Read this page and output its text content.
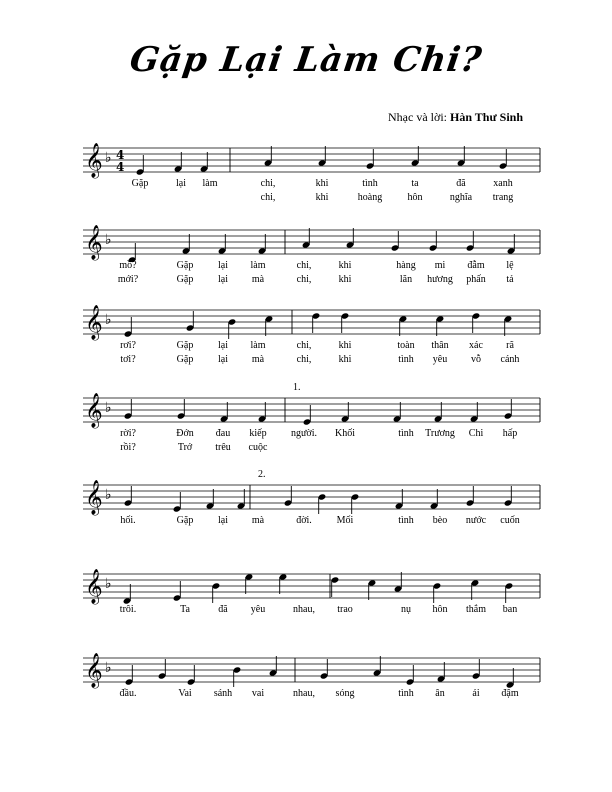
Gặp Lại Làm Chi?
Nhạc và lời: Hàn Thư Sinh
𝄞 ♭ 4
4
Gặp	lại làm	chi,	khi	tình	ta	đã	xanh
chi,	khi	hoàng	hôn	nghĩa trang
𝄞 ♭
mồ?	Gặp lại làm	chi,	khi	hàng mi đẫm lệ
mới?	Gặp lại mà	chi,	khi	lăn hương phấn tả
𝄞 ♭
rơi?	Gặp lại làm	chi,	khi	toàn thân xác rã
tơi?	Gặp lại mà	chi,	khi	tình yêu vỗ cánh
𝄞 ♭
1.
rời?	Đớn đau kiếp người. Khối	tình Trương Chi hấp
rồi?	Trớ trêu cuộc
𝄞 ♭
2.
hối.	Gặp lại mà	đời. Mối	tình bèo nước cuốn
𝄞 ♭
trôi.	Ta	đã yêu	nhau, trao	nụ hôn thắm ban
𝄞 ♭
đầu.	Vai sánh vai	nhau, sóng	tình ân	ái đậm
